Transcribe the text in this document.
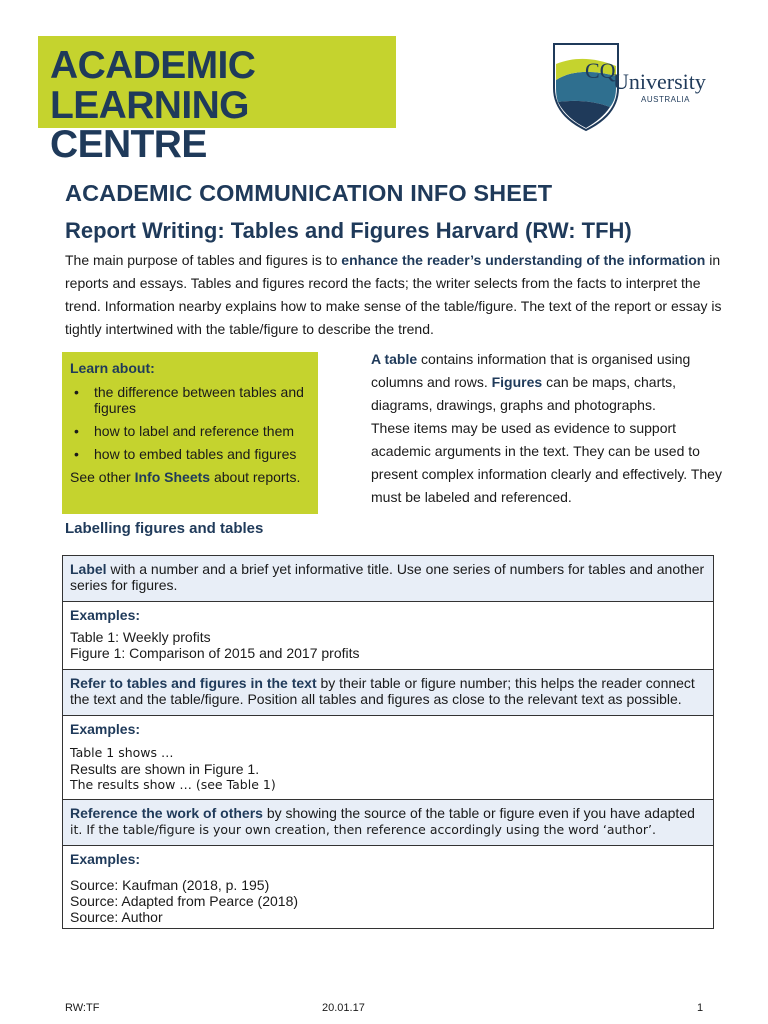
ACADEMIC
LEARNING CENTRE
CQ
University
AUSTRALIA
ACADEMIC COMMUNICATION INFO SHEET
Report Writing: Tables and Figures Harvard (RW: TFH)
The main purpose of tables and figures is to enhance the reader’s understanding of the information in reports and essays. Tables and figures record the facts; the writer selects from the facts to interpret the trend. Information nearby explains how to make sense of the table/figure. The text of the report or essay is tightly intertwined with the table/figure to describe the trend.
Learn about:
• the difference between tables and figures
• how to label and reference them
• how to embed tables and figures
See other Info Sheets about reports.
A table contains information that is organised using columns and rows. Figures can be maps, charts, diagrams, drawings, graphs and photographs.
These items may be used as evidence to support academic arguments in the text. They can be used to present complex information clearly and effectively. They must be labeled and referenced.
Labelling figures and tables
Label with a number and a brief yet informative title. Use one series of numbers for tables and another series for figures.
Examples:
Table 1: Weekly profits
Figure 1: Comparison of 2015 and 2017 profits
Refer to tables and figures in the text by their table or figure number; this helps the reader connect the text and the table/figure. Position all tables and figures as close to the relevant text as possible.
Examples:
Table 1 shows …
Results are shown in Figure 1.
The results show … (see Table 1)
Reference the work of others by showing the source of the table or figure even if you have adapted
it. If the table/figure is your own creation, then reference accordingly using the word ‘author’.
Examples:
Source: Kaufman (2018, p. 195)
Source: Adapted from Pearce (2018)
Source: Author
RW:TF	20.01.17	1
